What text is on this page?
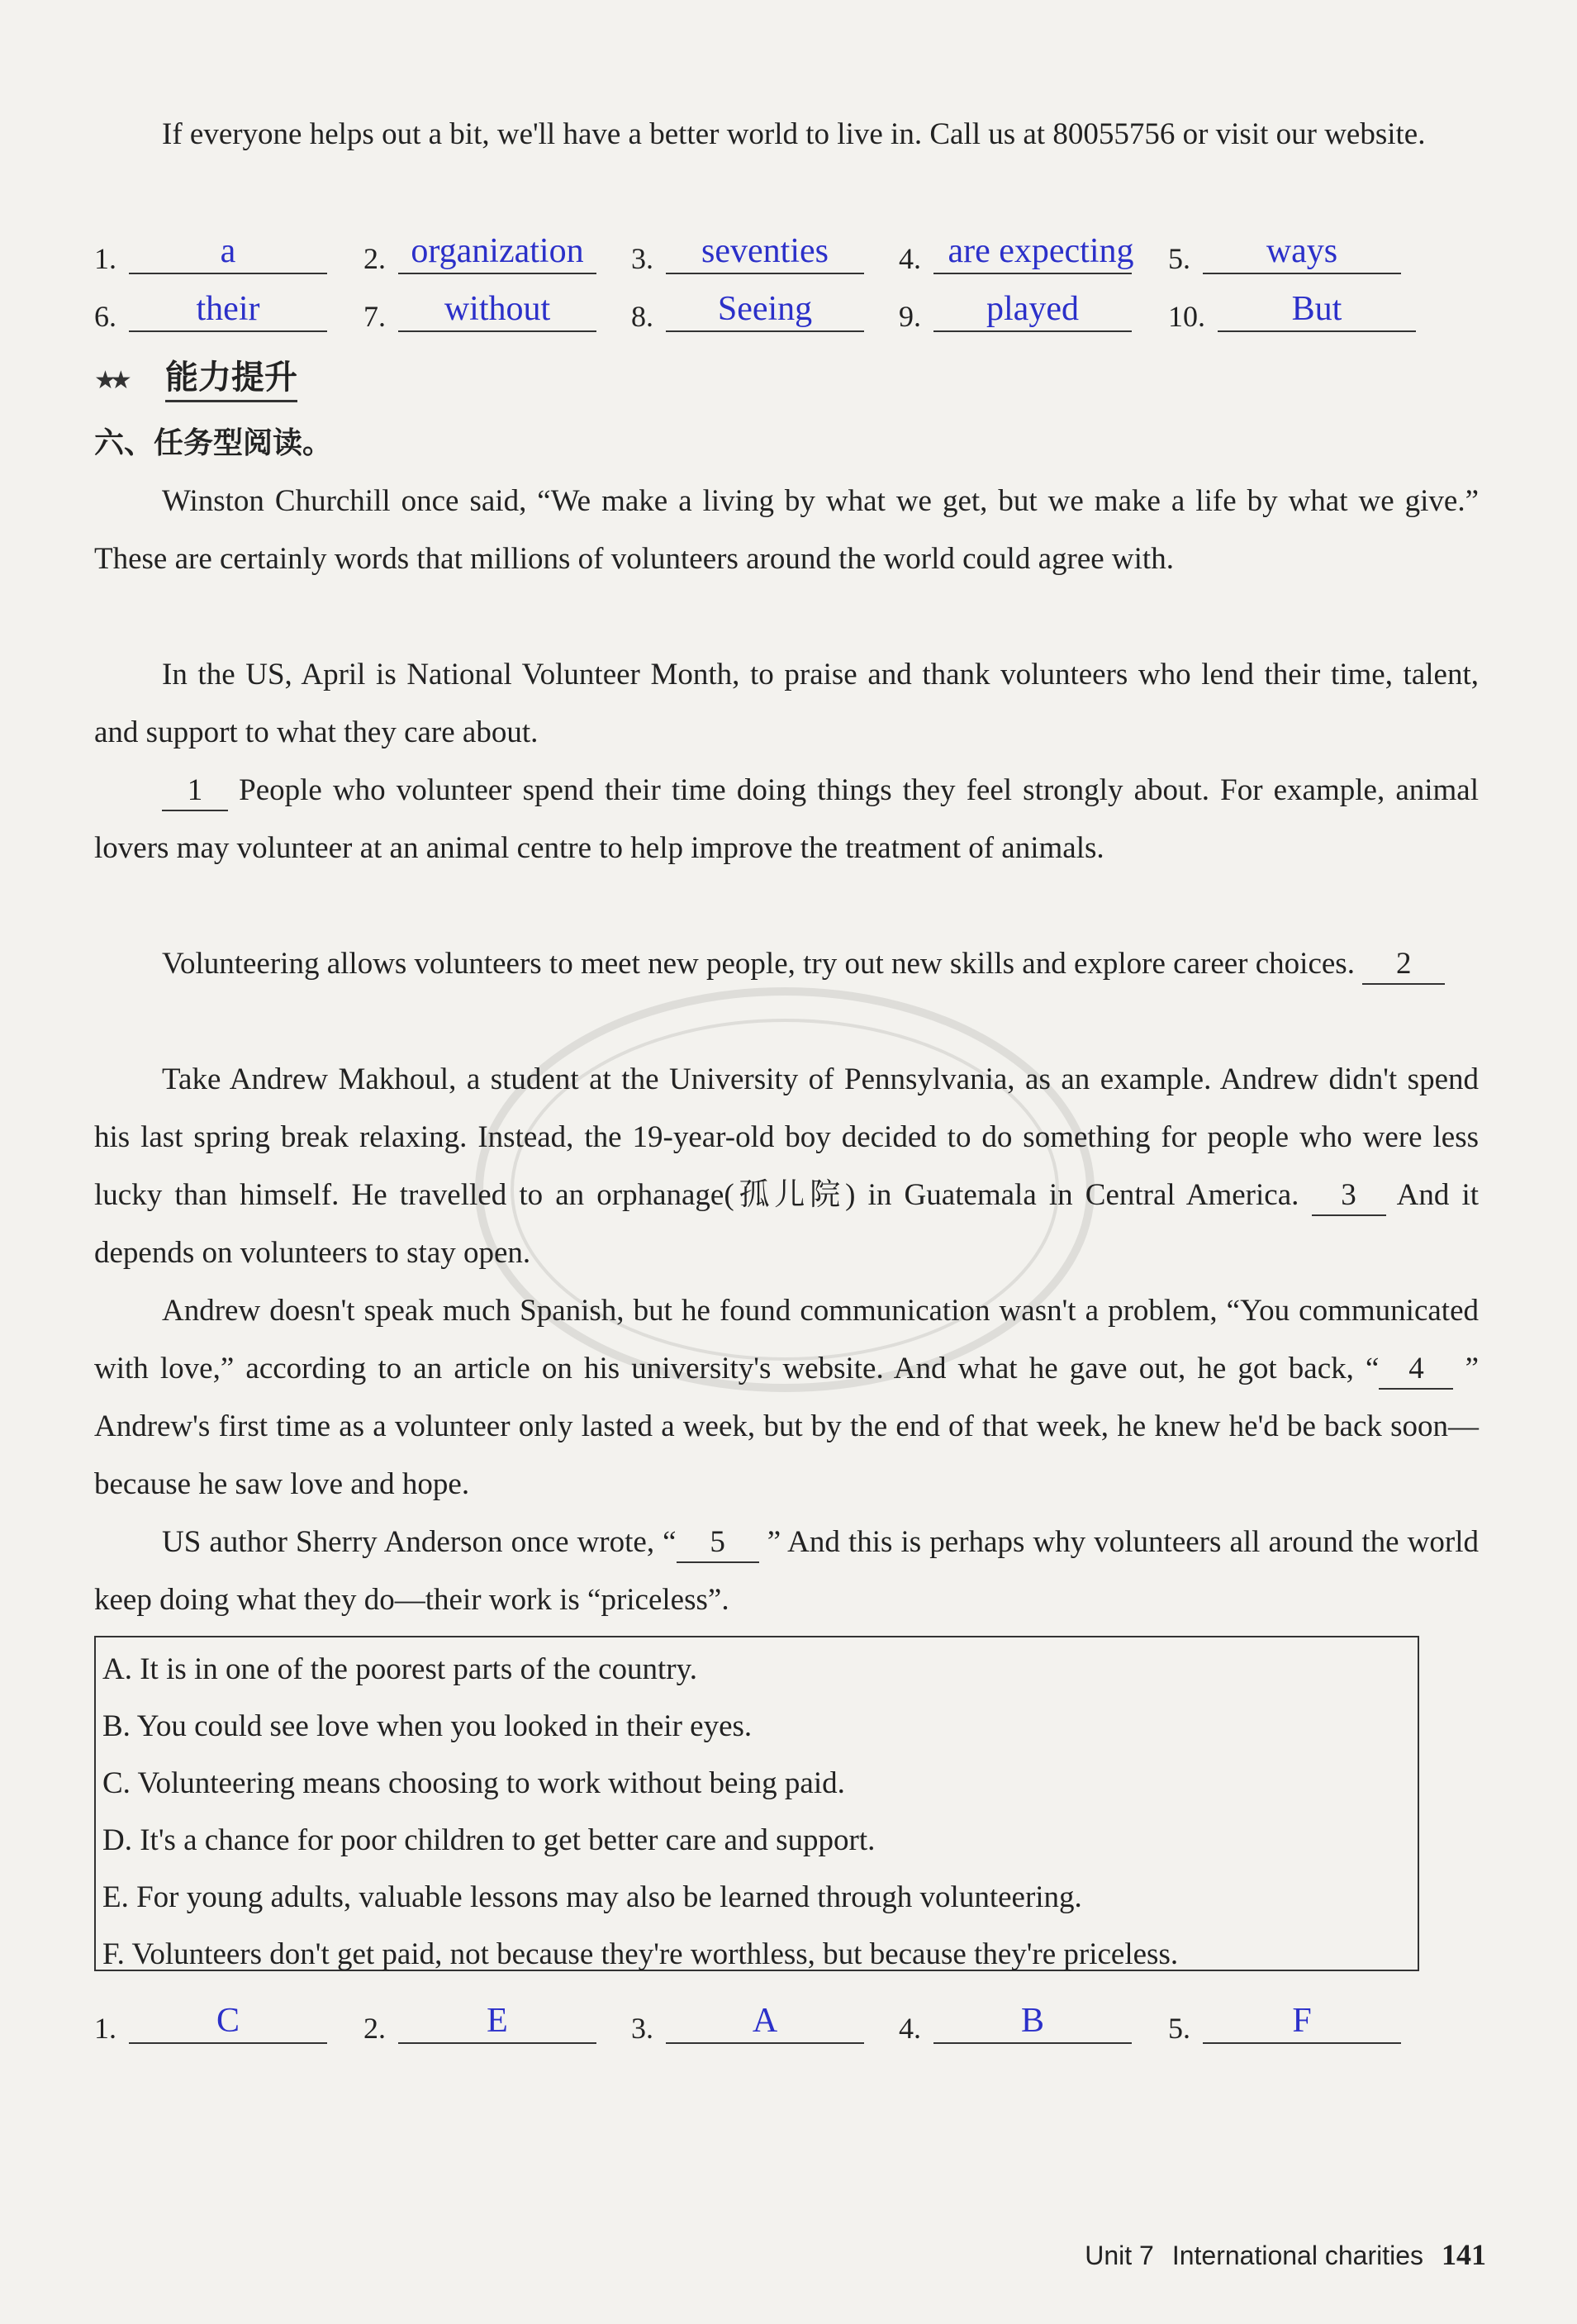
If everyone helps out a bit, we'll have a better world to live in. Call us at 80055756 or visit our website.

1.	a	2. organization	3.	seventies	4. are expecting	5.	ways
6.	their	7.	without	8.	Seeing	9.	played	10.	But
★★ 能力提升
六、任务型阅读。

Winston Churchill once said, “We make a living by what we get, but we make a life by what we give.” These are certainly words that millions of volunteers around the world could agree with.

In the US, April is National Volunteer Month, to praise and thank volunteers who lend their time, talent, and support to what they care about.

1 People who volunteer spend their time doing things they feel strongly about. For example, animal lovers may volunteer at an animal centre to help improve the treatment of animals.

Volunteering allows volunteers to meet new people, try out new skills and explore career choices. 2

Take Andrew Makhoul, a student at the University of Pennsylvania, as an example. Andrew didn't spend his last spring break relaxing. Instead, the 19-year-old boy decided to do something for people who were less lucky than himself. He travelled to an orphanage(孤儿院) in Guatemala in Central America. 3 And it depends on volunteers to stay open.

Andrew doesn't speak much Spanish, but he found communication wasn't a problem, “You communicated with love,” according to an article on his university's website. And what he gave out, he got back, “ 4 ” Andrew's first time as a volunteer only lasted a week, but by the end of that week, he knew he'd be back soon—because he saw love and hope.

US author Sherry Anderson once wrote, “ 5 ” And this is perhaps why volunteers all around the world keep doing what they do—their work is “priceless”.

A. It is in one of the poorest parts of the country.
B. You could see love when you looked in their eyes.
C. Volunteering means choosing to work without being paid.
D. It's a chance for poor children to get better care and support.
E. For young adults, valuable lessons may also be learned through volunteering.
F. Volunteers don't get paid, not because they're worthless, but because they're priceless.
1.	C	2.	E	3.	A	4.	B	5.	F
Unit 7 International charities 141
